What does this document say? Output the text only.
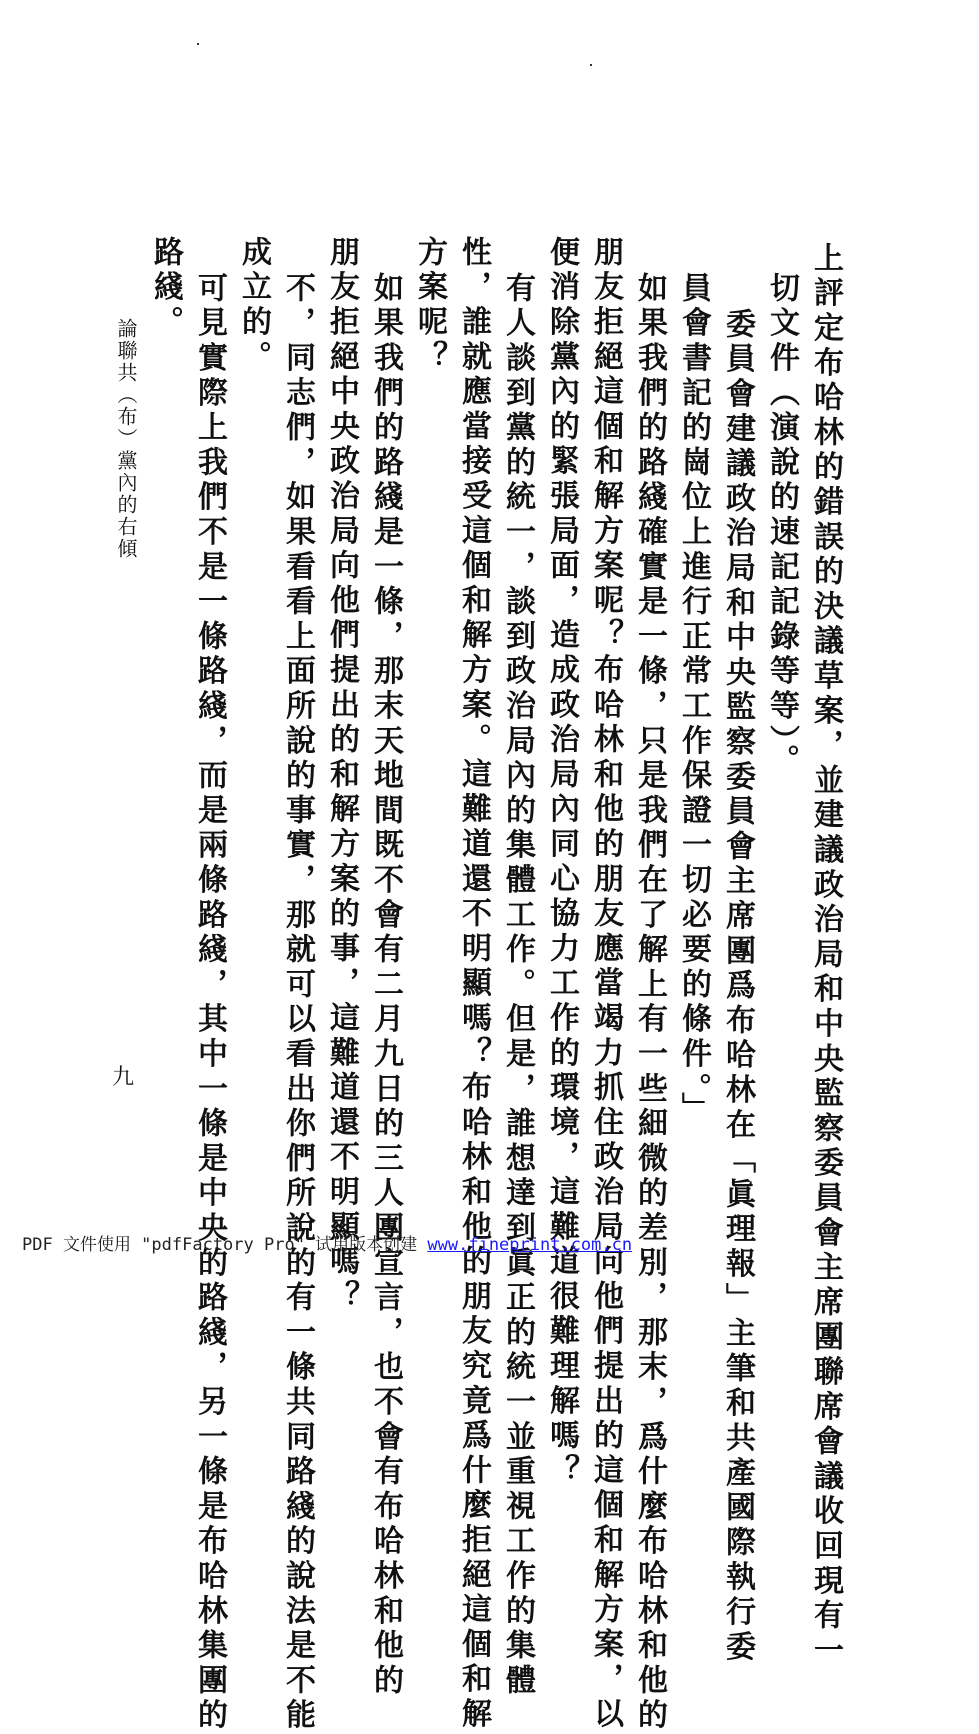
上評定布哈林的錯誤的決議草案，並建議政治局和中央監察委員會主席團聯席會議收回現有一
切文件（演說的速記記錄等等）。
委員會建議政治局和中央監察委員會主席團爲布哈林在「眞理報」主筆和共產國際執行委
員會書記的崗位上進行正常工作保證一切必要的條件。」
如果我們的路綫確實是一條，只是我們在了解上有一些細微的差別，那末，爲什麼布哈林和他的
朋友拒絕這個和解方案呢？布哈林和他的朋友應當竭力抓住政治局向他們提出的這個和解方案，以
便消除黨內的緊張局面，造成政治局內同心協力工作的環境，這難道很難理解嗎？
有人談到黨的統一，談到政治局內的集體工作。但是，誰想達到眞正的統一並重視工作的集體
性，誰就應當接受這個和解方案。這難道還不明顯嗎？布哈林和他的朋友究竟爲什麼拒絕這個和解
方案呢？
如果我們的路綫是一條，那末天地間既不會有二月九日的三人團宣言，也不會有布哈林和他的
朋友拒絕中央政治局向他們提出的和解方案的事，這難道還不明顯嗎？
不，同志們，如果看看上面所說的事實，那就可以看出你們所說的有一條共同路綫的說法是不能
成立的。
可見實際上我們不是一條路綫，而是兩條路綫，其中一條是中央的路綫，另一條是布哈林集團的
路綫。
論聯共（布）黨內的右傾
九
PDF 文件使用 "pdfFactory Pro" 试用版本创建 www.fineprint.com.cn
